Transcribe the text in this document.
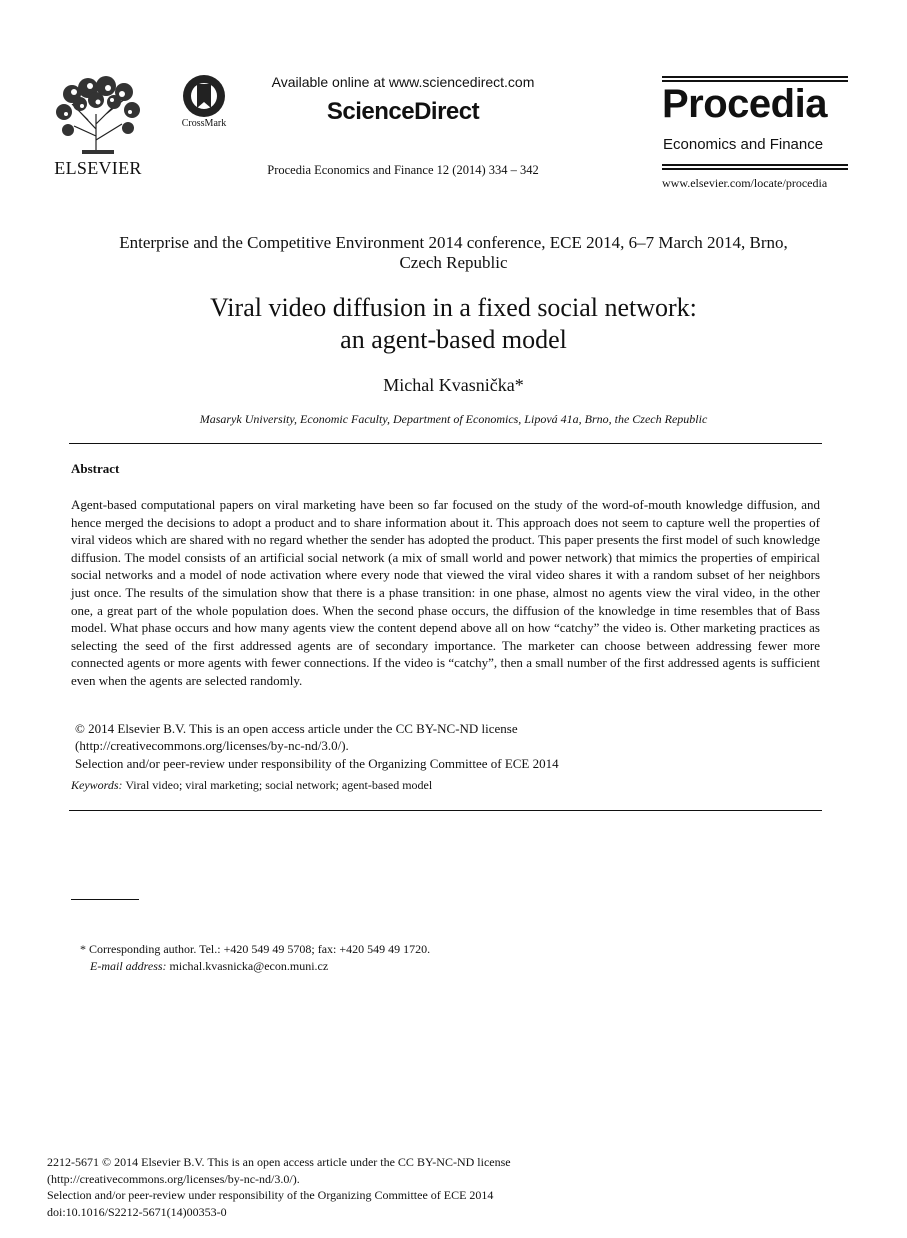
ELSEVIER
CrossMark
Available online at www.sciencedirect.com
ScienceDirect
Procedia Economics and Finance 12 (2014) 334 – 342
Procedia
Economics and Finance
www.elsevier.com/locate/procedia
Enterprise and the Competitive Environment 2014 conference, ECE 2014, 6–7 March 2014, Brno,
Czech Republic
Viral video diffusion in a fixed social network:
an agent-based model
Michal Kvasnička*
Masaryk University, Economic Faculty, Department of Economics, Lipová 41a, Brno, the Czech Republic
Abstract
Agent-based computational papers on viral marketing have been so far focused on the study of the word-of-mouth knowledge diffusion, and hence merged the decisions to adopt a product and to share information about it. This approach does not seem to capture well the properties of viral videos which are shared with no regard whether the sender has adopted the product. This paper presents the first model of such knowledge diffusion. The model consists of an artificial social network (a mix of small world and power network) that mimics the properties of empirical social networks and a model of node activation where every node that viewed the viral video shares it with a random subset of her neighbors just once. The results of the simulation show that there is a phase transition: in one phase, almost no agents view the viral video, in the other one, a great part of the whole population does. When the second phase occurs, the diffusion of the knowledge in time resembles that of Bass model. What phase occurs and how many agents view the content depend above all on how “catchy” the video is. Other marketing practices as selecting the seed of the first addressed agents are of secondary importance. The marketer can choose between addressing fewer more connected agents or more agents with fewer connections. If the video is “catchy”, then a small number of the first addressed agents is sufficient even when the agents are selected randomly.
© 2014 Elsevier B.V. This is an open access article under the CC BY-NC-ND license
(http://creativecommons.org/licenses/by-nc-nd/3.0/).
Selection and/or peer-review under responsibility of the Organizing Committee of ECE 2014
Keywords: Viral video; viral marketing; social network; agent-based model
* Corresponding author. Tel.: +420 549 49 5708; fax: +420 549 49 1720.
E-mail address: michal.kvasnicka@econ.muni.cz
2212-5671 © 2014 Elsevier B.V. This is an open access article under the CC BY-NC-ND license
(http://creativecommons.org/licenses/by-nc-nd/3.0/).
Selection and/or peer-review under responsibility of the Organizing Committee of ECE 2014
doi:10.1016/S2212-5671(14)00353-0
